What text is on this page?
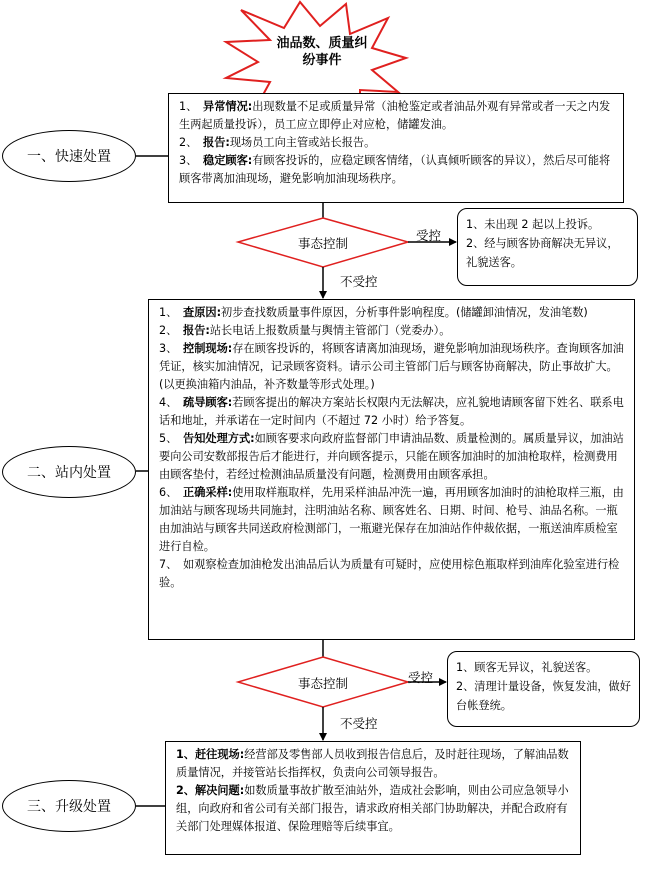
油品数、质量纠纷事件
一、快速处置
1、 异常情况:出现数量不足或质量异常（油枪鉴定或者油品外观有异常或者一天之内发生两起质量投诉），员工应立即停止对应枪，储罐发油。
2、 报告:现场员工向主管或站长报告。
3、 稳定顾客:有顾客投诉的，应稳定顾客情绪，（认真倾听顾客的异议），然后尽可能将顾客带离加油现场，避免影响加油现场秩序。
事态控制
受控
不受控
1、未出现 2 起以上投诉。
2、经与顾客协商解决无异议，礼貌送客。
二、站内处置
1、 查原因:初步查找数质量事件原因，分析事件影响程度。(储罐卸油情况，发油笔数)
2、 报告:站长电话上报数质量与舆情主管部门（党委办）。
3、 控制现场:存在顾客投诉的，将顾客请离加油现场，避免影响加油现场秩序。查询顾客加油凭证，核实加油情况，记录顾客资料。请示公司主管部门后与顾客协商解决，防止事故扩大。(以更换油箱内油品，补齐数量等形式处理。)
4、 疏导顾客:若顾客提出的解决方案站长权限内无法解决，应礼貌地请顾客留下姓名、联系电话和地址，并承诺在一定时间内（不超过 72 小时）给予答复。
5、 告知处理方式:如顾客要求向政府监督部门申请油品数、质量检测的。属质量异议，加油站要向公司安数部报告后才能进行，并向顾客提示，只能在顾客加油时的加油枪取样，检测费用由顾客垫付，若经过检测油品质量没有问题，检测费用由顾客承担。
6、 正确采样:使用取样瓶取样，先用采样油品冲洗一遍，再用顾客加油时的油枪取样三瓶，由加油站与顾客现场共同施封，注明油站名称、顾客姓名、日期、时间、枪号、油品名称。一瓶由加油站与顾客共同送政府检测部门，一瓶避光保存在加油站作仲裁依据，一瓶送油库质检室进行自检。
7、 如观察检查加油枪发出油品后认为质量有可疑时，应使用棕色瓶取样到油库化验室进行检验。
事态控制	受控
不受控
1、顾客无异议，礼貌送客。
2、清理计量设备，恢复发油，做好台帐登统。
三、升级处置
1、赶往现场:经营部及零售部人员收到报告信息后，及时赶往现场，了解油品数质量情况，并接管站长指挥权，负责向公司领导报告。
2、解决问题:如数质量事故扩散至油站外，造成社会影响，则由公司应急领导小组，向政府和省公司有关部门报告，请求政府相关部门协助解决，并配合政府有关部门处理媒体报道、保险理赔等后续事宜。
